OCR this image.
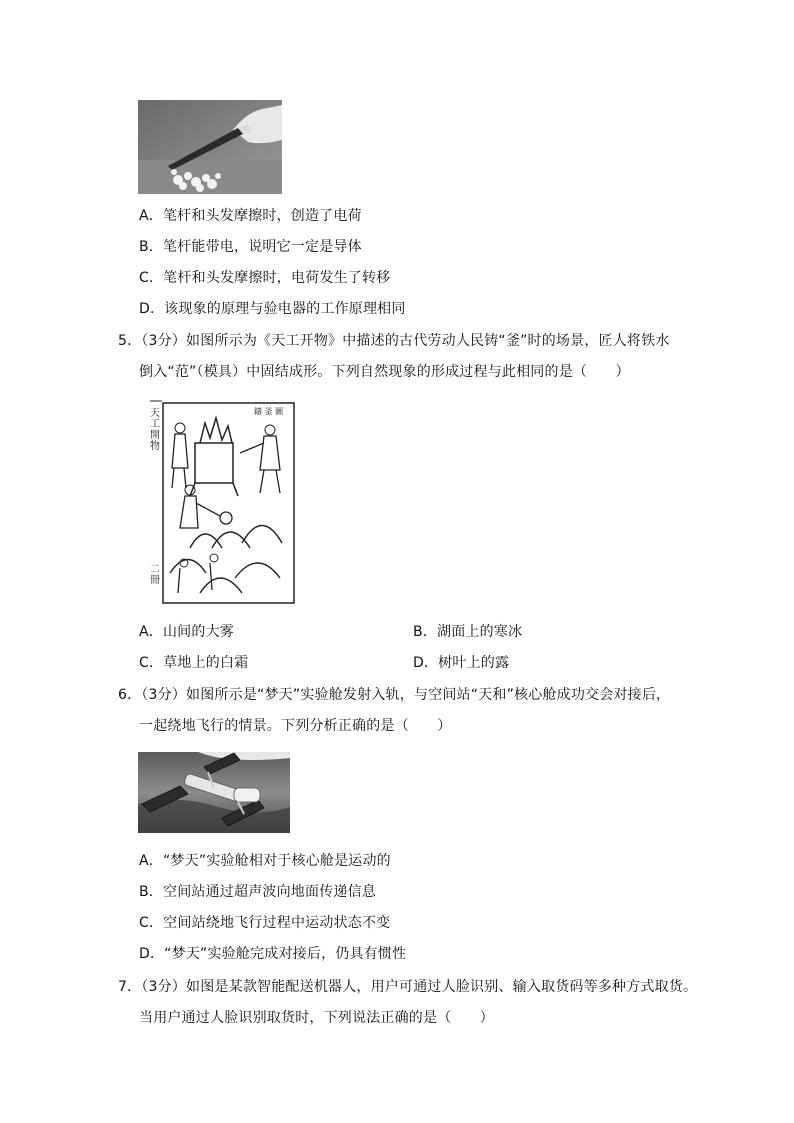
A．笔杆和头发摩擦时，创造了电荷
B．笔杆能带电，说明它一定是导体
C．笔杆和头发摩擦时，电荷发生了转移
D．该现象的原理与验电器的工作原理相同
5．（3分）如图所示为《天工开物》中描述的古代劳动人民铸“釜”时的场景，匠人将铁水
倒入“范”（模具）中固结成形。下列自然现象的形成过程与此相同的是（　　）
天工開物
鑄 釜 圖
二冊
A．山间的大雾	B．湖面上的寒冰
C．草地上的白霜	D．树叶上的露
6．（3分）如图所示是“梦天”实验舱发射入轨，与空间站“天和”核心舱成功交会对接后，
一起绕地飞行的情景。下列分析正确的是（　　）
A．“梦天”实验舱相对于核心舱是运动的
B．空间站通过超声波向地面传递信息
C．空间站绕地飞行过程中运动状态不变
D．“梦天”实验舱完成对接后，仍具有惯性
7．（3分）如图是某款智能配送机器人，用户可通过人脸识别、输入取货码等多种方式取货。
当用户通过人脸识别取货时，下列说法正确的是（　　）
